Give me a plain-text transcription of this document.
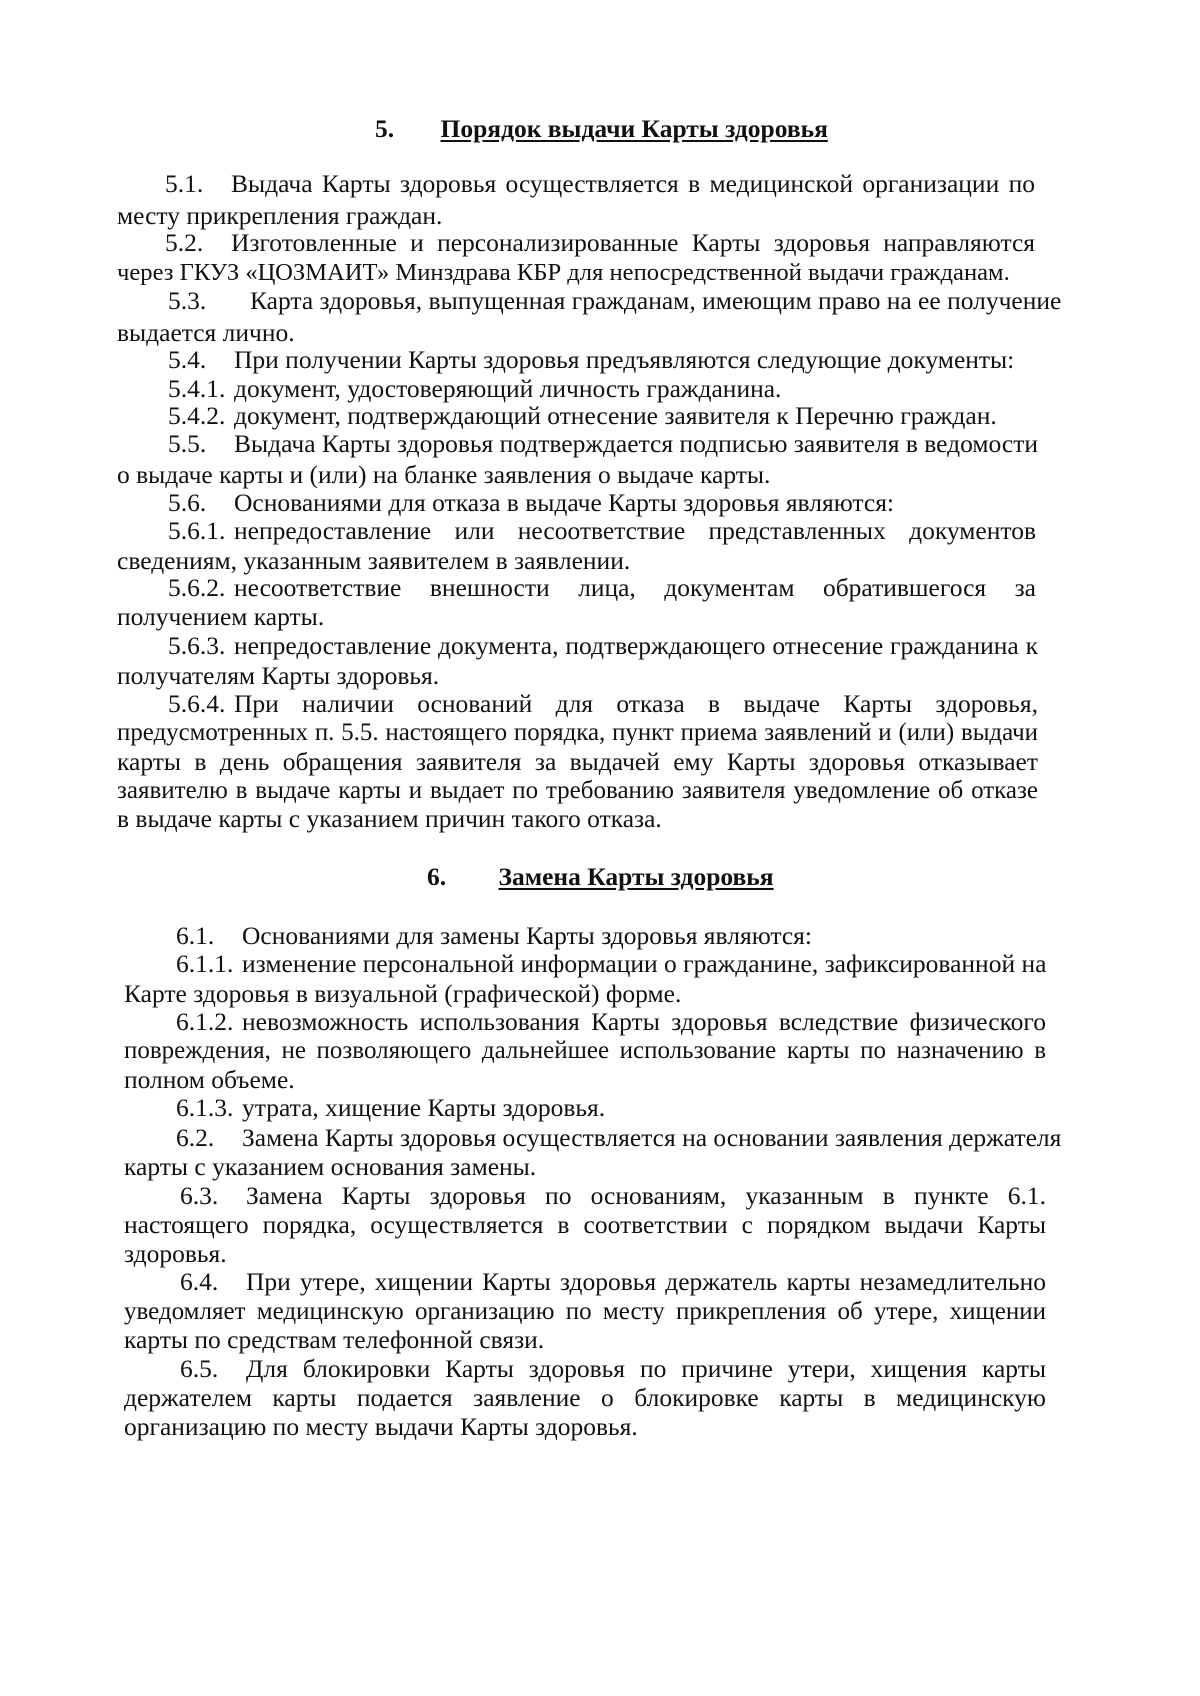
5. Порядок выдачи Карты здоровья
5.1. Выдача Карты здоровья осуществляется в медицинской организации по
месту прикрепления граждан.
5.2. Изготовленные и персонализированные Карты здоровья направляются
через ГКУЗ «ЦОЗМАИТ» Минздрава КБР для непосредственной выдачи гражданам.
5.3. Карта здоровья, выпущенная гражданам, имеющим право на ее получение
выдается лично.
5.4. При получении Карты здоровья предъявляются следующие документы:
5.4.1. документ, удостоверяющий личность гражданина.
5.4.2. документ, подтверждающий отнесение заявителя к Перечню граждан.
5.5. Выдача Карты здоровья подтверждается подписью заявителя в ведомости
о выдаче карты и (или) на бланке заявления о выдаче карты.
5.6. Основаниями для отказа в выдаче Карты здоровья являются:
5.6.1. непредоставление или несоответствие представленных документов
сведениям, указанным заявителем в заявлении.
5.6.2. несоответствие внешности лица, документам обратившегося за
получением карты.
5.6.3. непредоставление документа, подтверждающего отнесение гражданина к
получателям Карты здоровья.
5.6.4. При наличии оснований для отказа в выдаче Карты здоровья,
предусмотренных п. 5.5. настоящего порядка, пункт приема заявлений и (или) выдачи
карты в день обращения заявителя за выдачей ему Карты здоровья отказывает
заявителю в выдаче карты и выдает по требованию заявителя уведомление об отказе
в выдаче карты с указанием причин такого отказа.
6. Замена Карты здоровья
6.1. Основаниями для замены Карты здоровья являются:
6.1.1. изменение персональной информации о гражданине, зафиксированной на
Карте здоровья в визуальной (графической) форме.
6.1.2. невозможность использования Карты здоровья вследствие физического
повреждения, не позволяющего дальнейшее использование карты по назначению в
полном объеме.
6.1.3. утрата, хищение Карты здоровья.
6.2. Замена Карты здоровья осуществляется на основании заявления держателя
карты с указанием основания замены.
6.3. Замена Карты здоровья по основаниям, указанным в пункте 6.1.
настоящего порядка, осуществляется в соответствии с порядком выдачи Карты
здоровья.
6.4. При утере, хищении Карты здоровья держатель карты незамедлительно
уведомляет медицинскую организацию по месту прикрепления об утере, хищении
карты по средствам телефонной связи.
6.5. Для блокировки Карты здоровья по причине утери, хищения карты
держателем карты подается заявление о блокировке карты в медицинскую
организацию по месту выдачи Карты здоровья.
